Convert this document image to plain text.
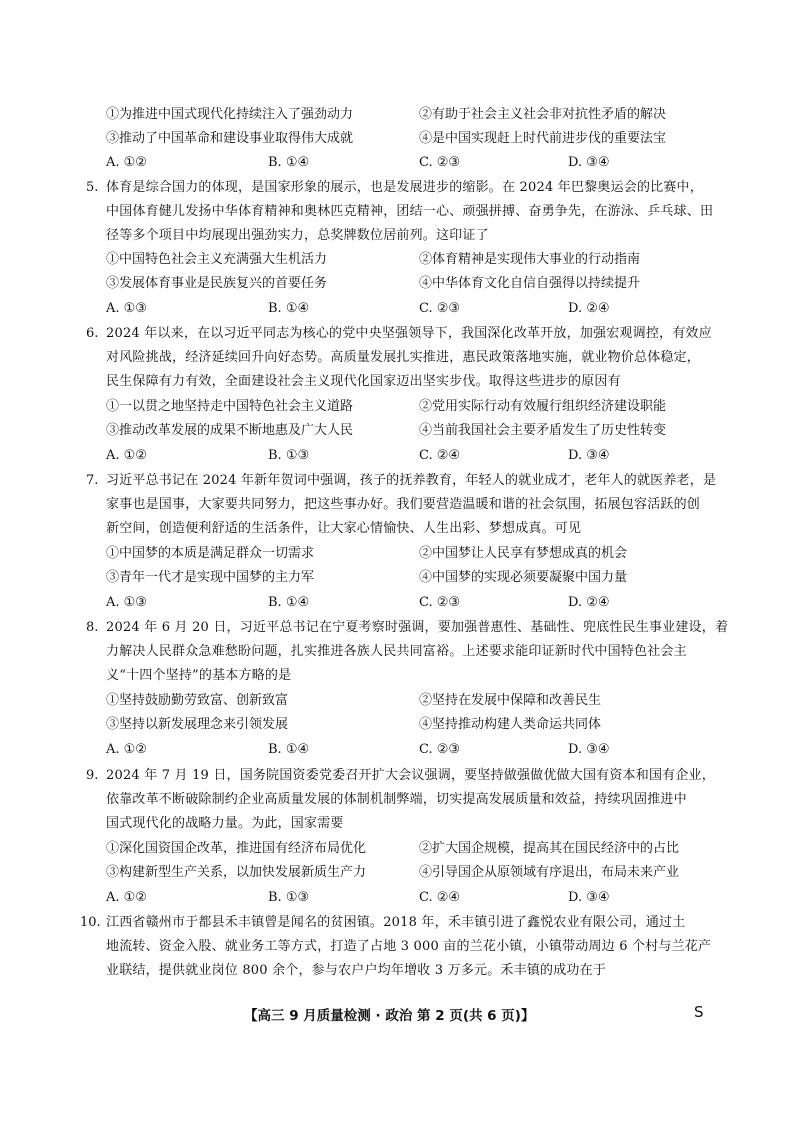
①为推进中国式现代化持续注入了强劲动力	②有助于社会主义社会非对抗性矛盾的解决
③推动了中国革命和建设事业取得伟大成就	④是中国实现赶上时代前进步伐的重要法宝
A. ①②	B. ①④	C. ②③	D. ③④
5. 体育是综合国力的体现，是国家形象的展示，也是发展进步的缩影。在 2024 年巴黎奥运会的比赛中，
中国体育健儿发扬中华体育精神和奥林匹克精神，团结一心、顽强拼搏、奋勇争先，在游泳、乒乓球、田
径等多个项目中均展现出强劲实力，总奖牌数位居前列。这印证了
①中国特色社会主义充满强大生机活力	②体育精神是实现伟大事业的行动指南
③发展体育事业是民族复兴的首要任务	④中华体育文化自信自强得以持续提升
A. ①③	B. ①④	C. ②③	D. ②④
6. 2024 年以来，在以习近平同志为核心的党中央坚强领导下，我国深化改革开放，加强宏观调控，有效应
对风险挑战，经济延续回升向好态势。高质量发展扎实推进，惠民政策落地实施，就业物价总体稳定，
民生保障有力有效，全面建设社会主义现代化国家迈出坚实步伐。取得这些进步的原因有
①一以贯之地坚持走中国特色社会主义道路	②党用实际行动有效履行组织经济建设职能
③推动改革发展的成果不断地惠及广大人民	④当前我国社会主要矛盾发生了历史性转变
A. ①②	B. ①③	C. ②④	D. ③④
7. 习近平总书记在 2024 年新年贺词中强调，孩子的抚养教育，年轻人的就业成才，老年人的就医养老，是
家事也是国事，大家要共同努力，把这些事办好。我们要营造温暖和谐的社会氛围，拓展包容活跃的创
新空间，创造便利舒适的生活条件，让大家心情愉快、人生出彩、梦想成真。可见
①中国梦的本质是满足群众一切需求	②中国梦让人民享有梦想成真的机会
③青年一代才是实现中国梦的主力军	④中国梦的实现必须要凝聚中国力量
A. ①③	B. ①④	C. ②③	D. ②④
8. 2024 年 6 月 20 日，习近平总书记在宁夏考察时强调，要加强普惠性、基础性、兜底性民生事业建设，着
力解决人民群众急难愁盼问题，扎实推进各族人民共同富裕。上述要求能印证新时代中国特色社会主
义“十四个坚持”的基本方略的是
①坚持鼓励勤劳致富、创新致富	②坚持在发展中保障和改善民生
③坚持以新发展理念来引领发展	④坚持推动构建人类命运共同体
A. ①②	B. ①④	C. ②③	D. ③④
9. 2024 年 7 月 19 日，国务院国资委党委召开扩大会议强调，要坚持做强做优做大国有资本和国有企业，
依靠改革不断破除制约企业高质量发展的体制机制弊端，切实提高发展质量和效益，持续巩固推进中
国式现代化的战略力量。为此，国家需要
①深化国资国企改革，推进国有经济布局优化	②扩大国企规模，提高其在国民经济中的占比
③构建新型生产关系，以加快发展新质生产力	④引导国企从原领域有序退出，布局未来产业
A. ①②	B. ①③	C. ②④	D. ③④
10. 江西省赣州市于都县禾丰镇曾是闻名的贫困镇。2018 年，禾丰镇引进了鑫悦农业有限公司，通过土
地流转、资金入股、就业务工等方式，打造了占地 3 000 亩的兰花小镇，小镇带动周边 6 个村与兰花产
业联结，提供就业岗位 800 余个，参与农户户均年增收 3 万多元。禾丰镇的成功在于
【高三 9 月质量检测 · 政治 第 2 页(共 6 页)】	S
